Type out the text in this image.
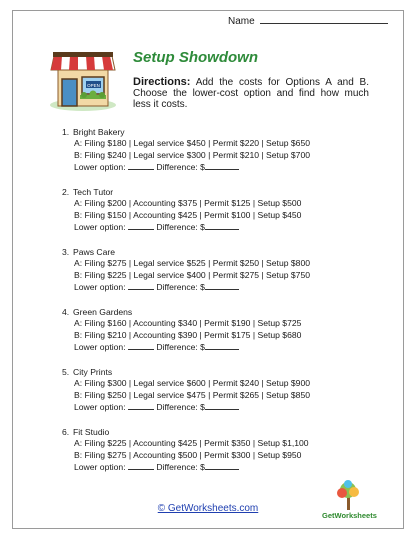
Name
OPEN
Setup Showdown
Directions: Add the costs for Options A and B. Choose the lower-cost option and find how much less it costs.
1. Bright Bakery
A: Filing $180 | Legal service $450 | Permit $220 | Setup $650
B: Filing $240 | Legal service $300 | Permit $210 | Setup $700
Lower option:	Difference: $
2. Tech Tutor
A: Filing $200 | Accounting $375 | Permit $125 | Setup $500
B: Filing $150 | Accounting $425 | Permit $100 | Setup $450
Lower option:	Difference: $
3. Paws Care
A: Filing $275 | Legal service $525 | Permit $250 | Setup $800
B: Filing $225 | Legal service $400 | Permit $275 | Setup $750
Lower option:	Difference: $
4. Green Gardens
A: Filing $160 | Accounting $340 | Permit $190 | Setup $725
B: Filing $210 | Accounting $390 | Permit $175 | Setup $680
Lower option:	Difference: $
5. City Prints
A: Filing $300 | Legal service $600 | Permit $240 | Setup $900
B: Filing $250 | Legal service $475 | Permit $265 | Setup $850
Lower option:	Difference: $
6. Fit Studio
A: Filing $225 | Accounting $425 | Permit $350 | Setup $1,100
B: Filing $275 | Accounting $500 | Permit $300 | Setup $950
Lower option:	Difference: $
© GetWorksheets.com
GetWorksheets
